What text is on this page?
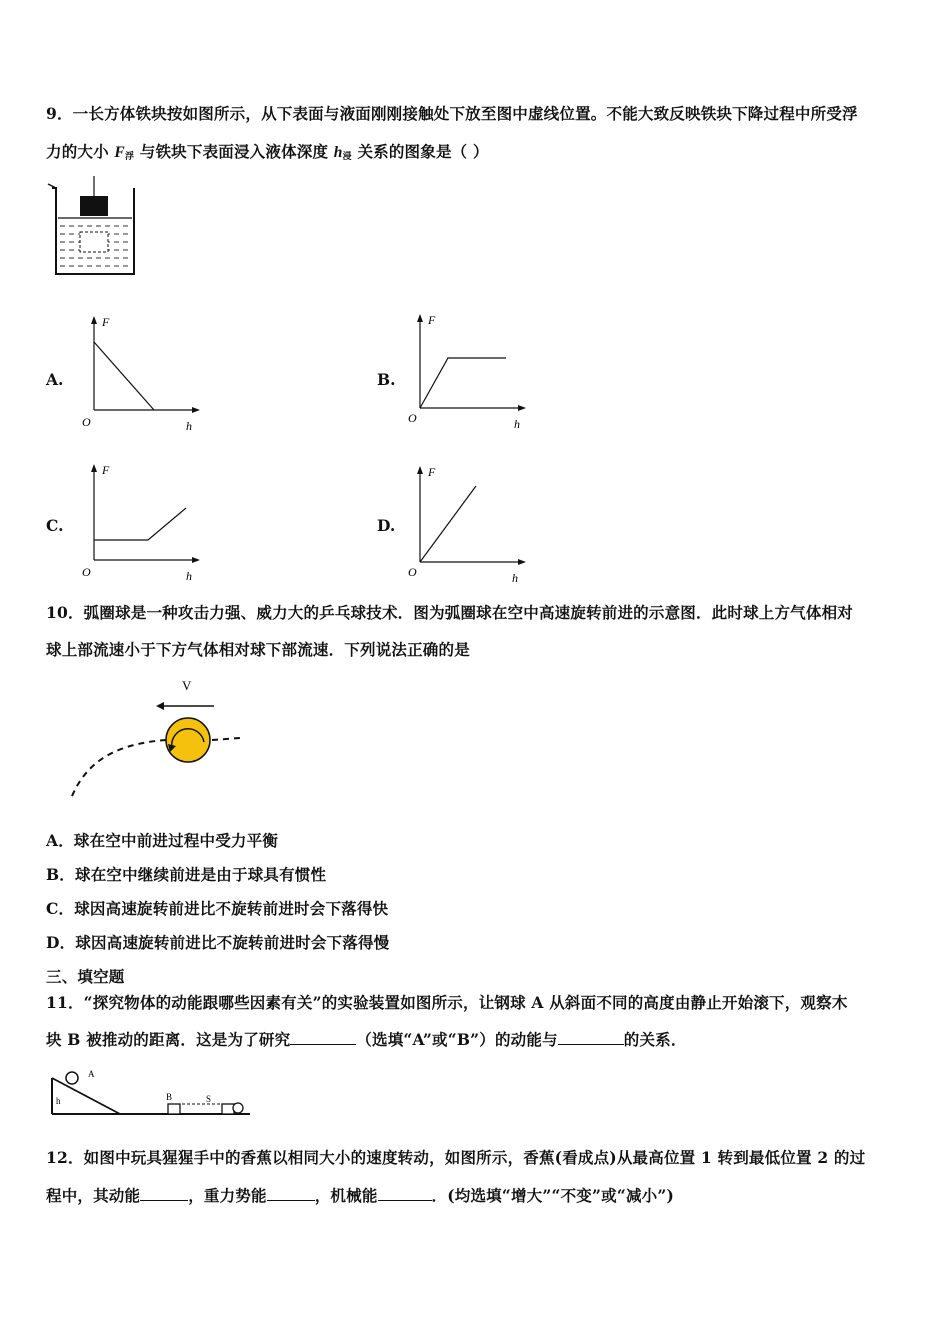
9．一长方体铁块按如图所示，从下表面与液面刚刚接触处下放至图中虚线位置。不能大致反映铁块下降过程中所受浮
力的大小 $F_浮$ 与铁块下表面浸入液体深度 $h_浸$ 关系的图象是（ ）
A.
F
O	h
B.
F
O	h
C.
F
O	h
D.
F
O	h
10．弧圈球是一种攻击力强、威力大的乒乓球技术．图为弧圈球在空中高速旋转前进的示意图．此时球上方气体相对
球上部流速小于下方气体相对球下部流速．下列说法正确的是
V
A．球在空中前进过程中受力平衡
B．球在空中继续前进是由于球具有惯性
C．球因高速旋转前进比不旋转前进时会下落得快
D．球因高速旋转前进比不旋转前进时会下落得慢
三、填空题
11．“探究物体的动能跟哪些因素有关”的实验装置如图所示，让钢球 A 从斜面不同的高度由静止开始滚下，观察木
块 B 被推动的距离．这是为了研究	（选填“A”或“B”）的动能与	的关系．
A
h	B	S
12．如图中玩具猩猩手中的香蕉以相同大小的速度转动，如图所示，香蕉(看成点)从最高位置 1 转到最低位置 2 的过
程中，其动能	，重力势能	，机械能	．(均选填“增大”“不变”或“减小”)
